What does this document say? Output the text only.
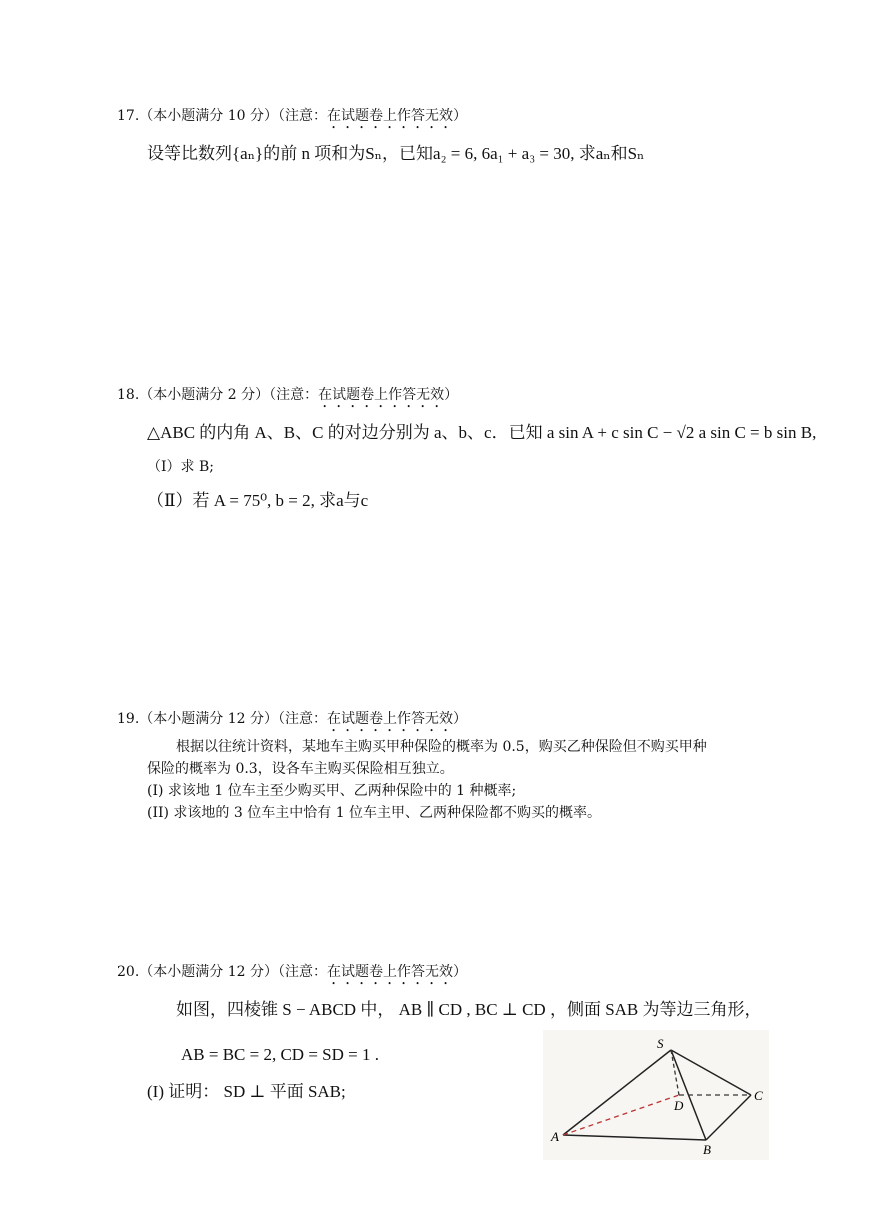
17.（本小题满分 10 分）（注意：在试题卷上作答无效）
设等比数列{aₙ}的前 n 项和为Sₙ，已知a₂ = 6, 6a₁ + a₃ = 30, 求aₙ和Sₙ
18.（本小题满分 2 分）（注意：在试题卷上作答无效）
△ABC 的内角 A、B、C 的对边分别为 a、b、c．已知 a sin A + c sin C − √2 a sin C = b sin B,
（Ⅰ）求 B;
（Ⅱ）若 A = 75⁰, b = 2, 求a与c
19.（本小题满分 12 分）（注意：在试题卷上作答无效）
根据以往统计资料，某地车主购买甲种保险的概率为 0.5，购买乙种保险但不购买甲种
保险的概率为 0.3，设各车主购买保险相互独立。
(I) 求该地 1 位车主至少购买甲、乙两种保险中的 1 种概率;
(II) 求该地的 3 位车主中恰有 1 位车主甲、乙两种保险都不购买的概率。
20.（本小题满分 12 分）（注意：在试题卷上作答无效）
如图，四棱锥 S − ABCD 中， AB ∥ CD , BC ⊥ CD ，侧面 SAB 为等边三角形，
AB = BC = 2, CD = SD = 1 .
(I) 证明： SD ⊥ 平面 SAB;
S
A
B
C
D
